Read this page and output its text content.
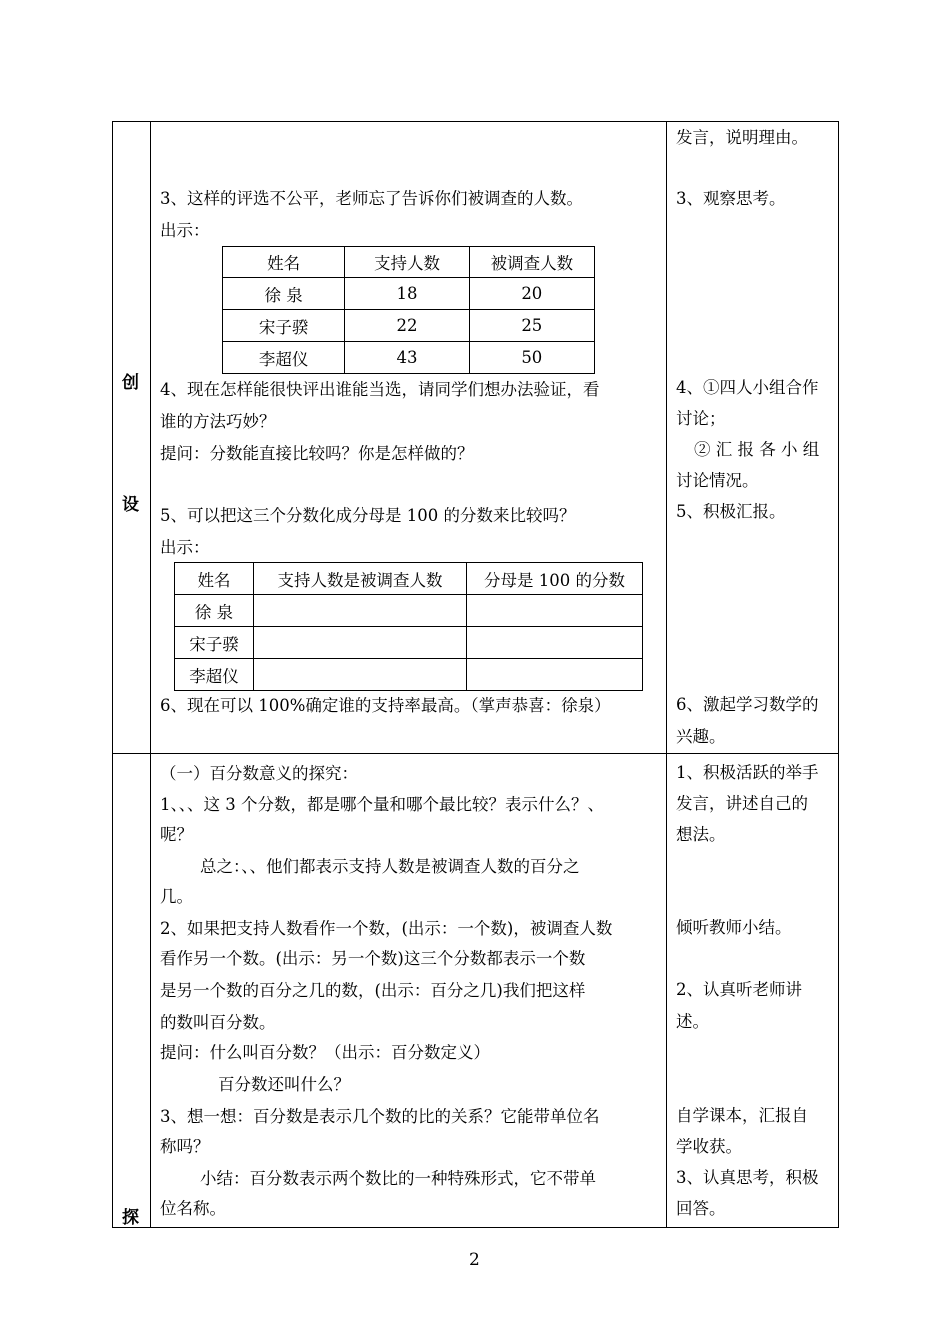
创
设
探
3、这样的评选不公平，老师忘了告诉你们被调查的人数。
出示：
姓名	支持人数	被调查人数
徐 泉	18	20
宋子骙	22	25
李超仪	43	50
4、现在怎样能很快评出谁能当选，请同学们想办法验证，看
谁的方法巧妙？
提问：分数能直接比较吗？你是怎样做的？
5、可以把这三个分数化成分母是 100 的分数来比较吗？
出示：
姓名	支持人数是被调查人数	分母是 100 的分数
徐 泉		
宋子骙		
李超仪		
6、现在可以 100%确定谁的支持率最高。（掌声恭喜：徐泉）
发言，说明理由。
3、观察思考。
4、①四人小组合作
讨论；
② 汇 报 各 小 组
讨论情况。
5、积极汇报。
6、激起学习数学的
兴趣。
（一）百分数意义的探究：
1、、、这 3 个分数，都是哪个量和哪个最比较？表示什么？、
呢？
总之：、、他们都表示支持人数是被调查人数的百分之
几。
2、如果把支持人数看作一个数，(出示：一个数)，被调查人数
看作另一个数。(出示：另一个数)这三个分数都表示一个数
是另一个数的百分之几的数，(出示：百分之几)我们把这样
的数叫百分数。
提问：什么叫百分数？（出示：百分数定义）
百分数还叫什么？
3、想一想：百分数是表示几个数的比的关系？它能带单位名
称吗？
小结：百分数表示两个数比的一种特殊形式，它不带单
位名称。
1、积极活跃的举手
发言，讲述自己的
想法。
倾听教师小结。
2、认真听老师讲
述。
自学课本，汇报自
学收获。
3、认真思考，积极
回答。
2
